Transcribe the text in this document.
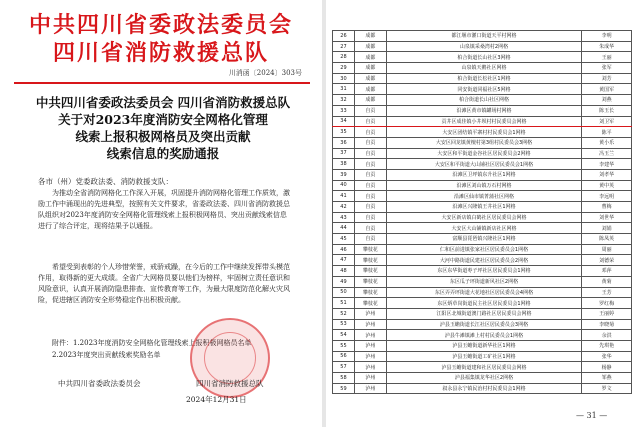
中共四川省委政法委员会
四川省消防救援总队
川消函〔2024〕303号
中共四川省委政法委员会 四川省消防救援总队
关于对2023年度消防安全网格化管理
线索上报积极网格员及突出贡献
线索信息的奖励通报
各市（州）党委政法委、消防救援支队：
为推动全省消防网格化工作深入开展，巩固提升消防网格化管理工作质效，激励工作中涌现出的先进典型，按照有关文件要求，省委政法委、四川省消防救援总队组织对2023年度消防安全网格化管理线索上报积极网格员、突出贡献线索信息进行了综合评定，现将结果予以通报。
希望受到表彰的个人珍惜荣誉，戒骄戒躁，在今后的工作中继续发挥带头模范作用，取得新的更大成绩。全省广大网格员要以他们为榜样，牢固树立责任意识和风险意识，认真开展消防隐患排查、宣传教育等工作，为最大限度防范化解火灾风险，促进辖区消防安全形势稳定作出积极贡献。
附件：1.2023年度消防安全网格化管理线索上报积极网格员名单
2.2023年度突出贡献线索奖励名单
中共四川省委政法委员会	四川省消防救援总队
2024年12月31日
26	成都	都江堰市灌口街道天平村网格	李明
27	成都	山泉镇采桑湾村2网格	朱成华
28	成都	柏合街道长山社区3网格	王丽
29	成都	山泉镇天鹅社区网格	张军
30	成都	柏合街道长松社区1网格	刘芳
31	成都	同安街道同福社区5网格	黄国军
32	成都	柏合街道长山社区网格	刘燕
33	自贡	沿滩区黄市镇罐场村网格	陈玉长
34	自贡	贡井区成佳镇小井坝村村民委员会网格	刘卫军
35	自贡	大安区团结镇平寨村村民委员会1网格	陈平
36	自贡	大安区回龙镇黄檀村第3组村民委员会3网格	黄小乐
37	自贡	大安区和平街道金谷社区居民委员会2网格	冯玉兰
38	自贡	大安区和平街道大山铺社区居民委员会1网格	李建华
39	自贡	沿滩区卫坪镇东升社区1网格	刘孝华
40	自贡	沿滩区刘山镇万石村网格	黄中英
41	自贡	沿滩区仙市镇菁蒲社区网格	李远明
42	自贡	沿滩区兴隆镇王井社区1网格	曹梅
43	自贡	大安区新店镇白鹤社区居民委员会网格	刘世华
44	自贡	大安区大山铺镇新店社区网格	刘娟
45	自贡	富顺县琵琶镇兴隆社区1网格	陈凤英
46	攀枝花	仁和区前进镇张家社区居民委员会1网格	周丽
47	攀枝花	大河中路街道民建社区居民委员会2网格	刘德荣
48	攀枝花	东区东华街道枣子坪社区居民委员会1网格	邓萍
49	攀枝花	东区瓜子坪街道新风社区2网格	黄菊
50	攀枝花	东区弄弄坪街道大花地社区居民委员会4网格	王芳
51	攀枝花	东区炳草岗街道民主社区居民委员会1网格	罗红梅
52	泸州	江阳区北城街道澳门路社区居民委员会网格	王丽婷
53	泸州	泸县玉蟾街道长江社区居民委员会3网格	李晓菊
54	泸州	泸县牛滩镇滩上村村民委员会1网格	余洪
55	泸州	泸县玉蟾街道新华社区1网格	先琪艳
56	泸州	泸县玉蟾街道工矿社区1网格	张华
57	泸州	泸县玉蟾街道建和社区居民委员会网格	杨静
58	泸州	泸县福集镇龙华社区2网格	邹燕
59	泸州	叙永县永宁镇民治村村民委员会1网格	罗文
— 31 —
